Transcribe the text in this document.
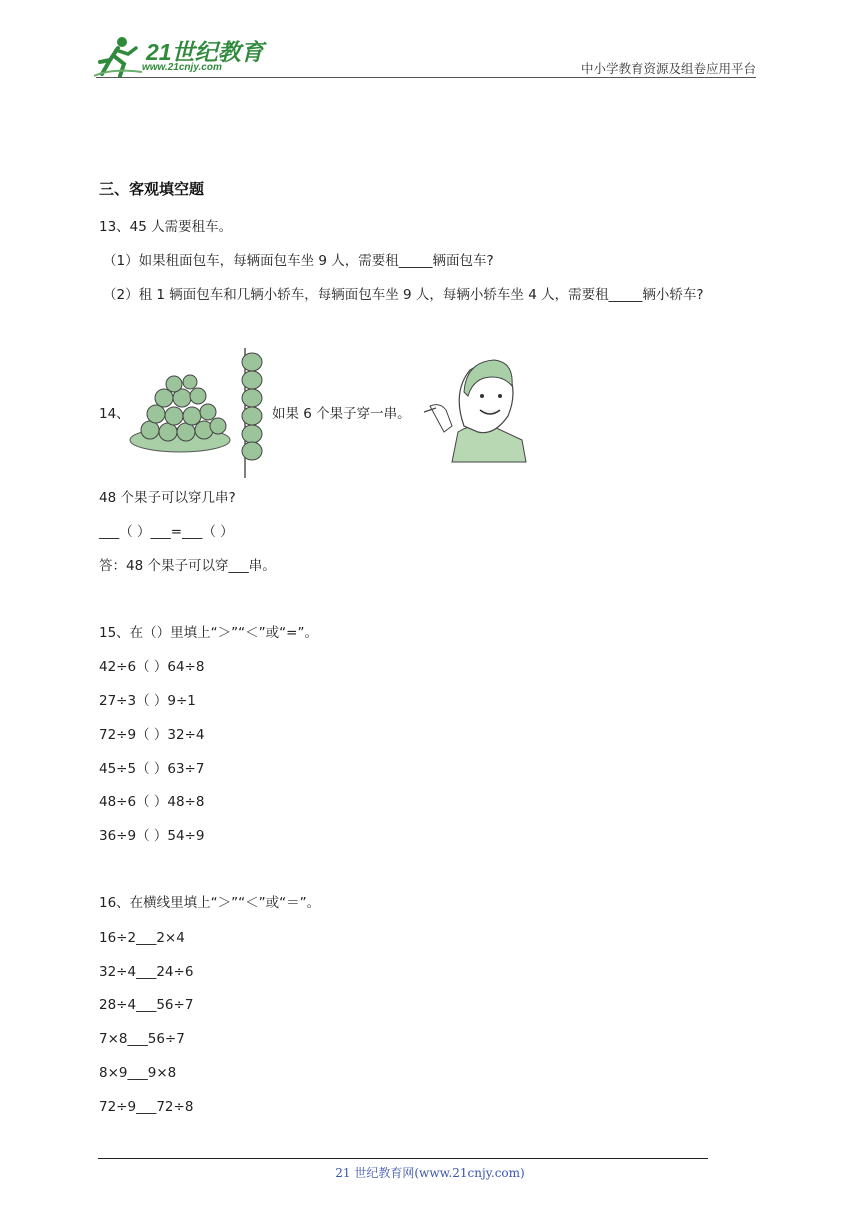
21世纪教育
www.21cnjy.com	中小学教育资源及组卷应用平台
三、客观填空题
13、45 人需要租车。
（1）如果租面包车，每辆面包车坐 9 人，需要租_____辆面包车?
（2）租 1 辆面包车和几辆小轿车，每辆面包车坐 9 人，每辆小轿车坐 4 人，需要租_____辆小轿车?
14、	如果 6 个果子穿一串。
48 个果子可以穿几串?
___（ ）___=___（ ）
答：48 个果子可以穿___串。
15、在（）里填上“＞”“＜”或“=”。
42÷6（ ）64÷8
27÷3（ ）9÷1
72÷9（ ）32÷4
45÷5（ ）63÷7
48÷6（ ）48÷8
36÷9（ ）54÷9
16、在横线里填上“＞”“＜”或“＝”。
16÷2___2×4
32÷4___24÷6
28÷4___56÷7
7×8___56÷7
8×9___9×8
72÷9___72÷8
21 世纪教育网(www.21cnjy.com)
